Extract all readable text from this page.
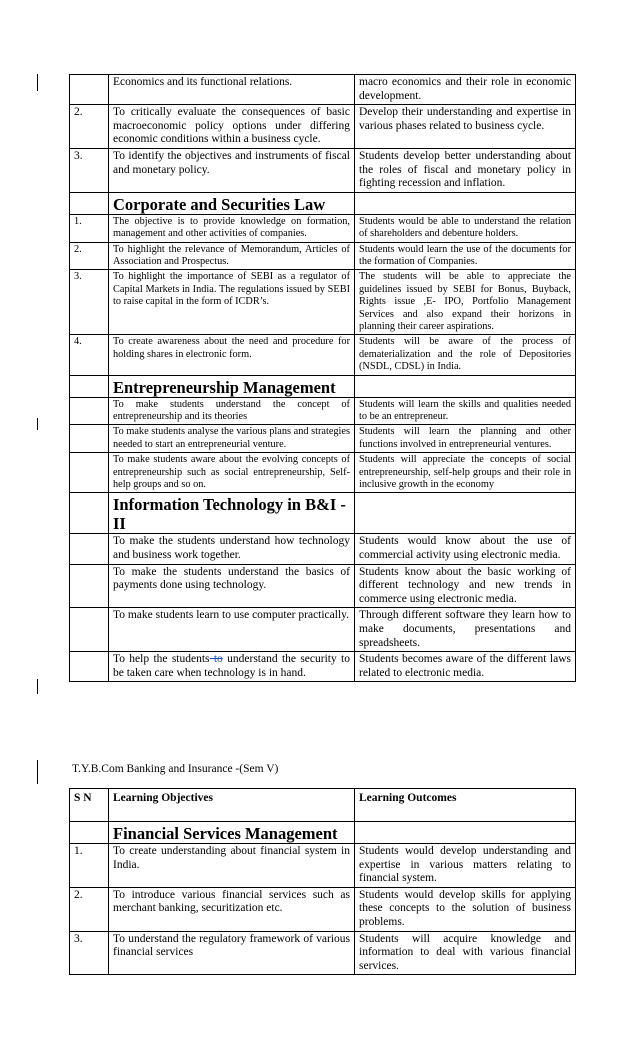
	Economics and its functional relations.	macro economics and their role in economic development.
2.	To critically evaluate the consequences of basic macroeconomic policy options under differing economic conditions within a business cycle.	Develop their understanding and expertise in various phases related to business cycle.
3.	To identify the objectives and instruments of fiscal and monetary policy.	Students develop better understanding about the roles of fiscal and monetary policy in fighting recession and inflation.
	Corporate and Securities Law	
1.	The objective is to provide knowledge on formation, management and other activities of companies.	Students would be able to understand the relation of shareholders and debenture holders.
2.	To highlight the relevance of Memorandum, Articles of Association and Prospectus.	Students would learn the use of the documents for the formation of Companies.
3.	To highlight the importance of SEBI as a regulator of Capital Markets in India. The regulations issued by SEBI to raise capital in the form of ICDR’s.	The students will be able to appreciate the guidelines issued by SEBI for Bonus, Buyback, Rights issue ,E- IPO, Portfolio Management Services and also expand their horizons in planning their career aspirations.
4.	To create awareness about the need and procedure for holding shares in electronic form.	Students will be aware of the process of dematerialization and the role of Depositories (NSDL, CDSL) in India.
	Entrepreneurship Management	
	To make students understand the concept of entrepreneurship and its theories	Students will learn the skills and qualities needed to be an entrepreneur.
	To make students analyse the various plans and strategies needed to start an entrepreneurial venture.	Students will learn the planning and other functions involved in entrepreneurial ventures.
	To make students aware about the evolving concepts of entrepreneurship such as social entrepreneurship, Self-help groups and so on.	Students will appreciate the concepts of social entrepreneurship, self-help groups and their role in inclusive growth in the economy
	Information Technology in B&I - II	
	To make the students understand how technology and business work together.	Students would know about the use of commercial activity using electronic media.
	To make the students understand the basics of payments done using technology.	Students know about the basic working of different technology and new trends in commerce using electronic media.
	To make students learn to use computer practically.	Through different software they learn how to make documents, presentations and spreadsheets.
	To help the students to understand the security to be taken care when technology is in hand.	Students becomes aware of the different laws related to electronic media.
T.Y.B.Com Banking and Insurance -(Sem V)
S N	Learning Objectives	Learning Outcomes
	Financial Services Management	
1.	To create understanding about financial system in India.	Students would develop understanding and expertise in various matters relating to financial system.
2.	To introduce various financial services such as merchant banking, securitization etc.	Students would develop skills for applying these concepts to the solution of business problems.
3.	To understand the regulatory framework of various financial services	Students will acquire knowledge and information to deal with various financial services.
